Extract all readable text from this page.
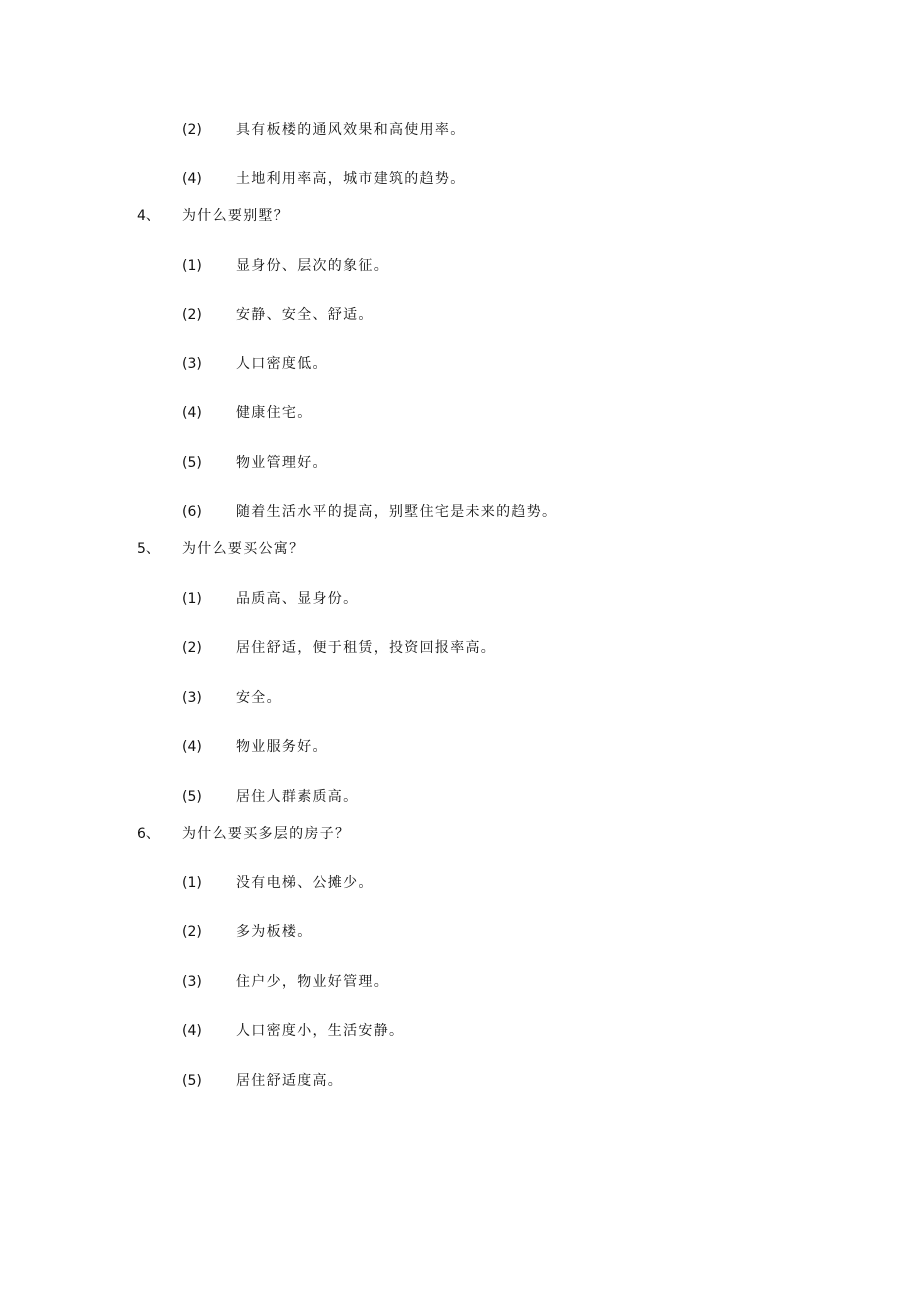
(2) 具有板楼的通风效果和高使用率。
(4) 土地利用率高，城市建筑的趋势。
4、 为什么要别墅？
(1) 显身份、层次的象征。
(2) 安静、安全、舒适。
(3) 人口密度低。
(4) 健康住宅。
(5) 物业管理好。
(6) 随着生活水平的提高，别墅住宅是未来的趋势。
5、 为什么要买公寓？
(1) 品质高、显身份。
(2) 居住舒适，便于租赁，投资回报率高。
(3) 安全。
(4) 物业服务好。
(5) 居住人群素质高。
6、 为什么要买多层的房子？
(1) 没有电梯、公摊少。
(2) 多为板楼。
(3) 住户少，物业好管理。
(4) 人口密度小，生活安静。
(5) 居住舒适度高。
